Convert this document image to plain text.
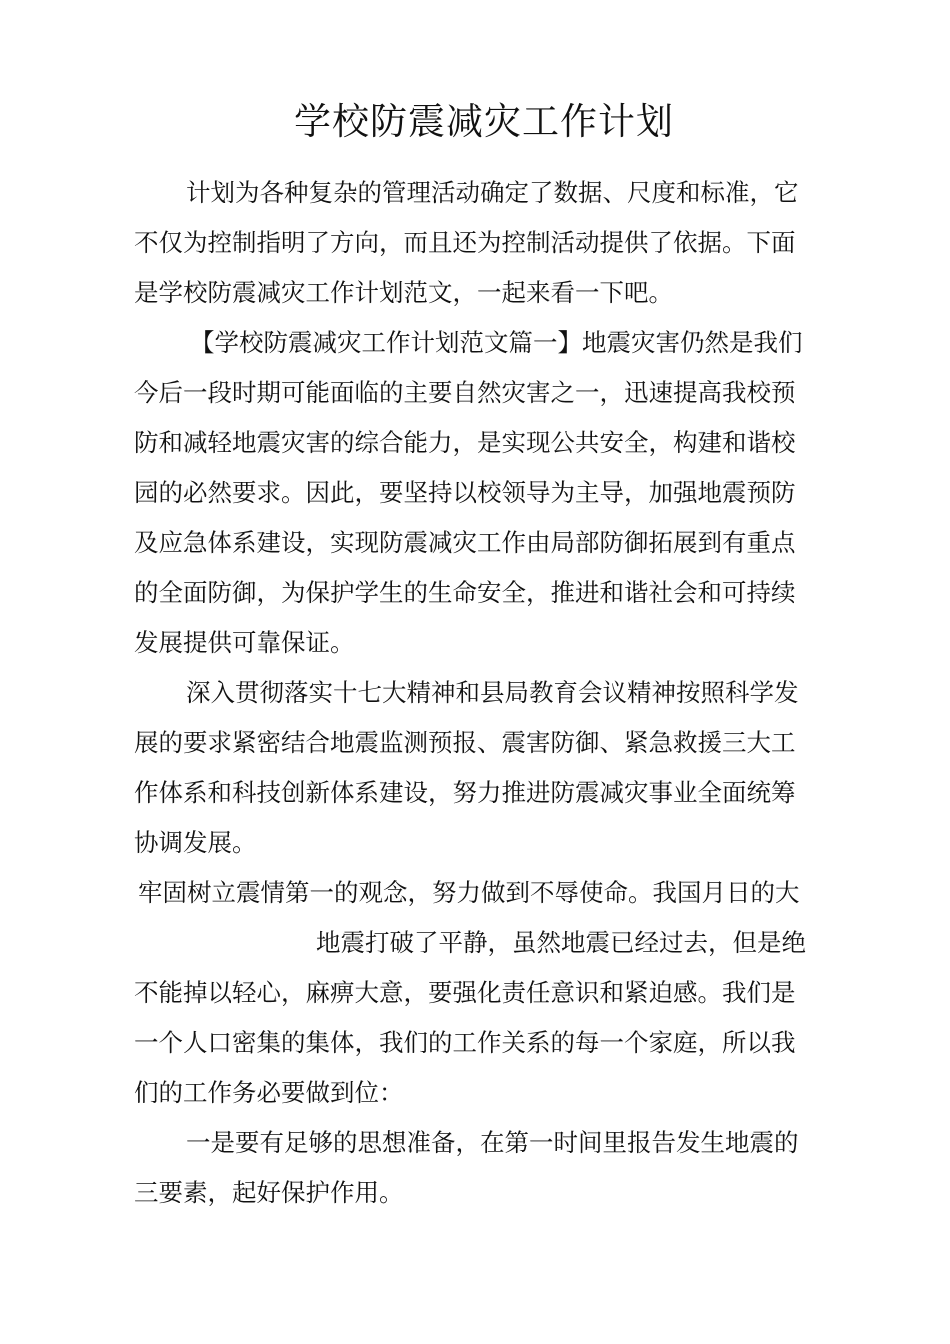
学校防震减灾工作计划

计划为各种复杂的管理活动确定了数据、尺度和标准，它

不仅为控制指明了方向，而且还为控制活动提供了依据。下面

是学校防震减灾工作计划范文，一起来看一下吧。

【学校防震减灾工作计划范文篇一】地震灾害仍然是我们

今后一段时期可能面临的主要自然灾害之一，迅速提高我校预

防和减轻地震灾害的综合能力，是实现公共安全，构建和谐校

园的必然要求。因此，要坚持以校领导为主导，加强地震预防

及应急体系建设，实现防震减灾工作由局部防御拓展到有重点

的全面防御，为保护学生的生命安全，推进和谐社会和可持续

发展提供可靠保证。

深入贯彻落实十七大精神和县局教育会议精神按照科学发

展的要求紧密结合地震监测预报、震害防御、紧急救援三大工

作体系和科技创新体系建设，努力推进防震减灾事业全面统筹

协调发展。

牢固树立震情第一的观念，努力做到不辱使命。我国月日的大

地震打破了平静，虽然地震已经过去，但是绝

不能掉以轻心，麻痹大意，要强化责任意识和紧迫感。我们是

一个人口密集的集体，我们的工作关系的每一个家庭，所以我

们的工作务必要做到位：

一是要有足够的思想准备，在第一时间里报告发生地震的

三要素，起好保护作用。
